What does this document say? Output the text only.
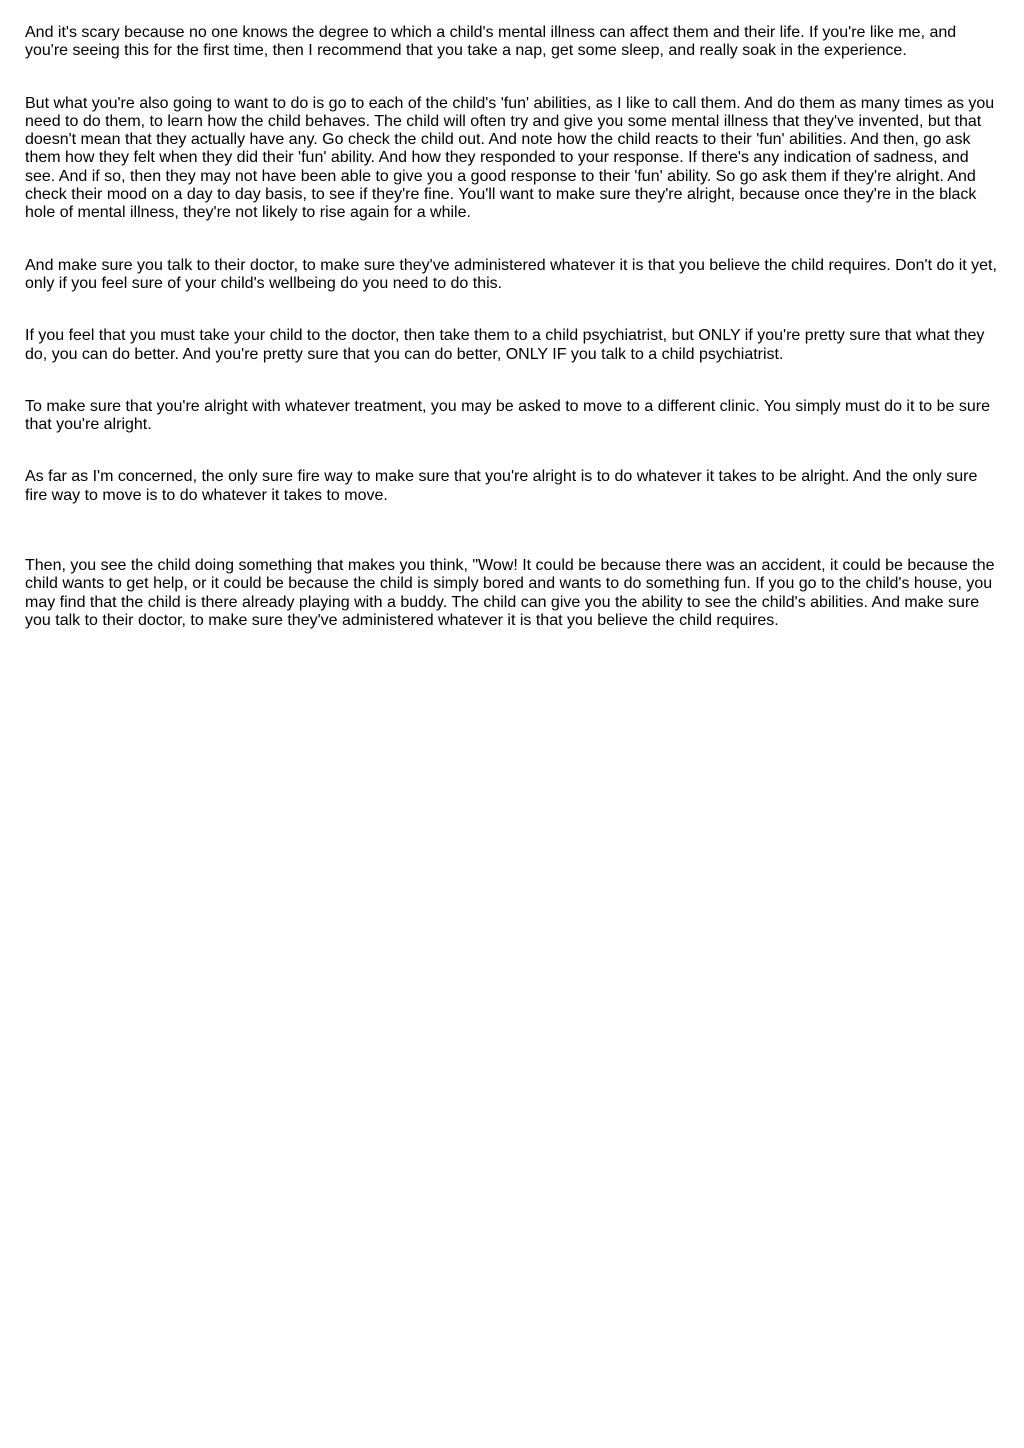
And it's scary because no one knows the degree to which a child's mental illness can affect them and their life. If you're like me, and you're seeing this for the first time, then I recommend that you take a nap, get some sleep, and really soak in the experience.

But what you're also going to want to do is go to each of the child's 'fun' abilities, as I like to call them. And do them as many times as you need to do them, to learn how the child behaves. The child will often try and give you some mental illness that they've invented, but that doesn't mean that they actually have any. Go check the child out. And note how the child reacts to their 'fun' abilities. And then, go ask them how they felt when they did their 'fun' ability. And how they responded to your response. If there's any indication of sadness, and see. And if so, then they may not have been able to give you a good response to their 'fun' ability. So go ask them if they're alright. And check their mood on a day to day basis, to see if they're fine. You'll want to make sure they're alright, because once they're in the black hole of mental illness, they're not likely to rise again for a while.

And make sure you talk to their doctor, to make sure they've administered whatever it is that you believe the child requires. Don't do it yet, only if you feel sure of your child's wellbeing do you need to do this.

If you feel that you must take your child to the doctor, then take them to a child psychiatrist, but ONLY if you're pretty sure that what they do, you can do better. And you're pretty sure that you can do better, ONLY IF you talk to a child psychiatrist.

To make sure that you're alright with whatever treatment, you may be asked to move to a different clinic. You simply must do it to be sure that you're alright.

As far as I'm concerned, the only sure fire way to make sure that you're alright is to do whatever it takes to be alright. And the only sure fire way to move is to do whatever it takes to move.

Then, you see the child doing something that makes you think, "Wow! It could be because there was an accident, it could be because the child wants to get help, or it could be because the child is simply bored and wants to do something fun. If you go to the child's house, you may find that the child is there already playing with a buddy. The child can give you the ability to see the child's abilities. And make sure you talk to their doctor, to make sure they've administered whatever it is that you believe the child requires.
